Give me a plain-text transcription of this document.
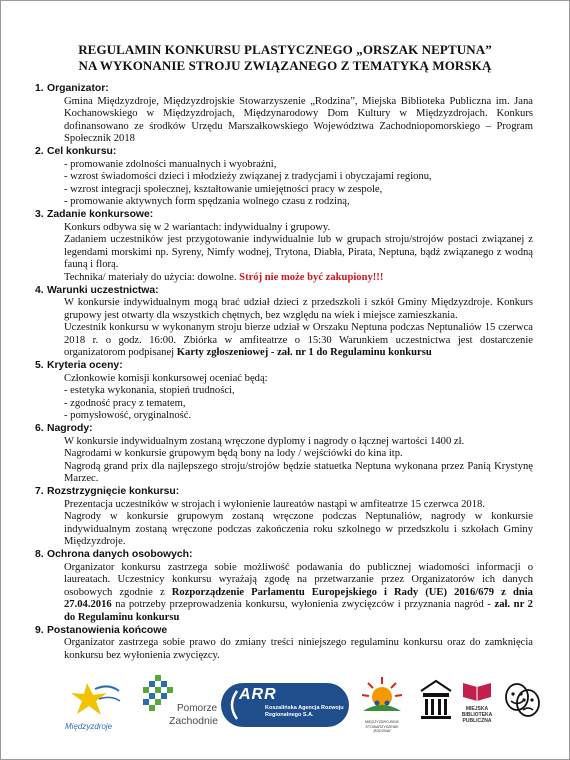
REGULAMIN KONKURSU PLASTYCZNEGO „ORSZAK NEPTUNA”
NA WYKONANIE STROJU ZWIĄZANEGO Z TEMATYKĄ MORSKĄ
1. Organizator:

Gmina Międzyzdroje, Międzyzdrojskie Stowarzyszenie „Rodzina”, Miejska Biblioteka Publiczna im. Jana Kochanowskiego w Międzyzdrojach, Międzynarodowy Dom Kultury w Międzyzdrojach. Konkurs dofinansowano ze środków Urzędu Marszałkowskiego Województwa Zachodniopomorskiego – Program Społecznik 2018

2. Cel konkursu:
- promowanie zdolności manualnych i wyobraźni,
- wzrost świadomości dzieci i młodzieży związanej z tradycjami i obyczajami regionu,
- wzrost integracji społecznej, kształtowanie umiejętności pracy w zespole,
- promowanie aktywnych form spędzania wolnego czasu z rodziną,
3. Zadanie konkursowe:

Konkurs odbywa się w 2 wariantach: indywidualny i grupowy.

Zadaniem uczestników jest przygotowanie indywidualnie lub w grupach stroju/strojów postaci związanej z legendami morskimi np. Syreny, Nimfy wodnej, Trytona, Diabła, Pirata, Neptuna, bądź związanego z wodną fauną i florą.

Technika/ materiały do użycia: dowolne. Strój nie może być zakupiony!!!

4. Warunki uczestnictwa:

W konkursie indywidualnym mogą brać udział dzieci z przedszkoli i szkół Gminy Międzyzdroje. Konkurs grupowy jest otwarty dla wszystkich chętnych, bez względu na wiek i miejsce zamieszkania.

Uczestnik konkursu w wykonanym stroju bierze udział w Orszaku Neptuna podczas Neptunaliów 15 czerwca 2018 r. o godz. 16:00. Zbiórka w amfiteatrze o 15:30 Warunkiem uczestnictwa jest dostarczenie organizatorom podpisanej Karty zgłoszeniowej - zał. nr 1 do Regulaminu konkursu

5. Kryteria oceny:

Członkowie komisji konkursowej oceniać będą:

- estetyka wykonania, stopień trudności,
- zgodność pracy z tematem,
- pomysłowość, oryginalność.
6. Nagrody:

W konkursie indywidualnym zostaną wręczone dyplomy i nagrody o łącznej wartości 1400 zł.

Nagrodami w konkursie grupowym będą bony na lody / wejściówki do kina itp.

Nagrodą grand prix dla najlepszego stroju/strojów będzie statuetka Neptuna wykonana przez Panią Krystynę Marzec.

7. Rozstrzygnięcie konkursu:

Prezentacja uczestników w strojach i wyłonienie laureatów nastąpi w amfiteatrze 15 czerwca 2018.

Nagrody w konkursie grupowym zostaną wręczone podczas Neptunaliów, nagrody w konkursie indywidualnym zostaną wręczone podczas zakończenia roku szkolnego w przedszkolu i szkołach Gminy Międzyzdroje.

8. Ochrona danych osobowych:

Organizator konkursu zastrzega sobie możliwość podawania do publicznej wiadomości informacji o laureatach. Uczestnicy konkursu wyrażają zgodę na przetwarzanie przez Organizatorów ich danych osobowych zgodnie z Rozporządzenie Parlamentu Europejskiego i Rady (UE) 2016/679 z dnia 27.04.2016 na potrzeby przeprowadzenia konkursu, wyłonienia zwycięzców i przyznania nagród - zał. nr 2 do Regulaminu konkursu

9. Postanowienia końcowe

Organizator zastrzega sobie prawo do zmiany treści niniejszego regulaminu konkursu oraz do zamknięcia konkursu bez wyłonienia zwycięzcy.

Międzyzdroje
Pomorze
Zachodnie
ARR
Koszalińska Agencja Rozwoju Regionalnego S.A.
MIĘDZYZDROJSKIE STOWARZYSZENIE „RODZINA”
MIEJSKA BIBLIOTEKA PUBLICZNA
